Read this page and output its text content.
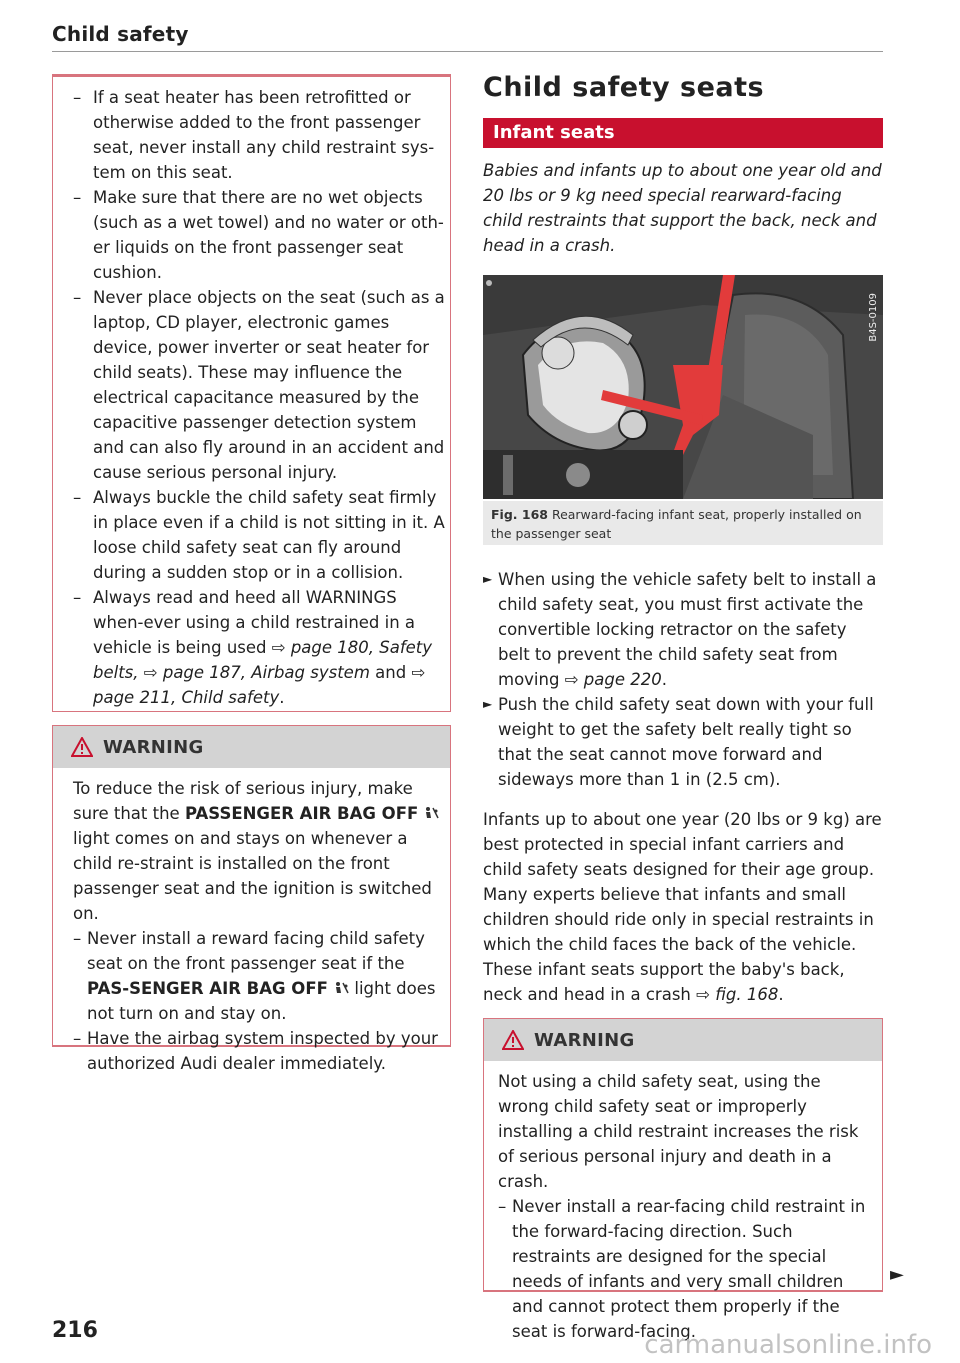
Child safety
– If a seat heater has been retrofitted or otherwise added to the front passenger seat, never install any child restraint sys-tem on this seat.
– Make sure that there are no wet objects (such as a wet towel) and no water or oth-er liquids on the front passenger seat cushion.
– Never place objects on the seat (such as a laptop, CD player, electronic games device, power inverter or seat heater for child seats). These may influence the electrical capacitance measured by the capacitive passenger detection system and can also fly around in an accident and cause serious personal injury.
– Always buckle the child safety seat firmly in place even if a child is not sitting in it. A loose child safety seat can fly around during a sudden stop or in a collision.
– Always read and heed all WARNINGS when-ever using a child restrained in a vehicle is being used ⇨ page 180, Safety belts, ⇨ page 187, Airbag system and ⇨ page 211, Child safety.
WARNING
To reduce the risk of serious injury, make sure that the PASSENGER AIR BAG OFF  light comes on and stays on whenever a child re-straint is installed on the front passenger seat and the ignition is switched on.
– Never install a reward facing child safety seat on the front passenger seat if the PAS-SENGER AIR BAG OFF  light does not turn on and stay on.
– Have the airbag system inspected by your authorized Audi dealer immediately.
Child safety seats
Infant seats
Babies and infants up to about one year old and 20 lbs or 9 kg need special rearward-facing child restraints that support the back, neck and head in a crash.
B4S-0109
Fig. 168 Rearward-facing infant seat, properly installed on the passenger seat
► When using the vehicle safety belt to install a child safety seat, you must first activate the convertible locking retractor on the safety belt to prevent the child safety seat from moving ⇨ page 220.
► Push the child safety seat down with your full weight to get the safety belt really tight so that the seat cannot move forward and sideways more than 1 in (2.5 cm).
Infants up to about one year (20 lbs or 9 kg) are best protected in special infant carriers and child safety seats designed for their age group. Many experts believe that infants and small children should ride only in special restraints in which the child faces the back of the vehicle. These infant seats support the baby's back, neck and head in a crash ⇨ fig. 168.
WARNING
Not using a child safety seat, using the wrong child safety seat or improperly installing a child restraint increases the risk of serious personal injury and death in a crash.
– Never install a rear-facing child restraint in the forward-facing direction. Such restraints are designed for the special needs of infants and very small children and cannot protect them properly if the seat is forward-facing.
►
216	carmanualsonline.info
